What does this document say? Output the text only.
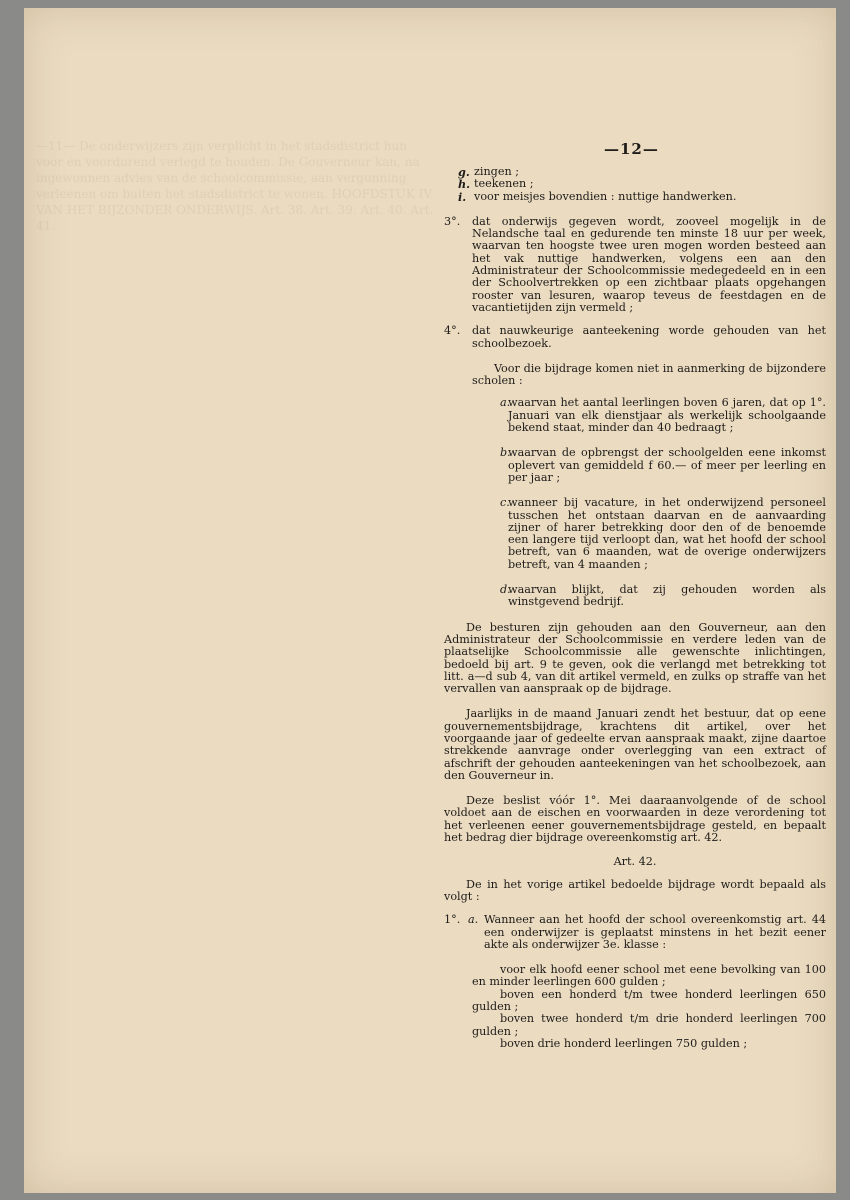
—11— De onderwijzers zijn verplicht in het stadsdistrict hun voor en voordurend verlegd te houden. De Gouverneur kan, na ingewonnen advies van de schoolcommissie, aan vergunning verleenen om buiten het stadsdistrict te wonen. HOOFDSTUK IV. VAN HET BIJZONDER ONDERWIJS. Art. 38. Art. 39. Art. 40. Art. 41.
—12—
g. zingen ;
h. teekenen ;
i. voor meisjes bovendien : nuttige handwerken.
3°. dat onderwijs gegeven wordt, zooveel mogelijk in de Nelandsche taal en gedurende ten minste 18 uur per week, waarvan ten hoogste twee uren mogen worden besteed aan het vak nuttige handwerken, volgens een aan den Administrateur der Schoolcommissie medegedeeld en in een der Schoolvertrekken op een zichtbaar plaats opgehangen rooster van lesuren, waarop teveus de feestdagen en de vacantietijden zijn vermeld ;

4°. dat nauwkeurige aanteekening worde gehouden van het schoolbezoek.

Voor die bijdrage komen niet in aanmerking de bijzondere scholen :

a.

waarvan het aantal leerlingen boven 6 jaren, dat op 1°. Januari van elk dienstjaar als werkelijk schoolgaande bekend staat, minder dan 40 bedraagt ;

b.

waarvan de opbrengst der schoolgelden eene inkomst oplevert van gemiddeld f 60.— of meer per leerling en per jaar ;

c.

wanneer bij vacature, in het onderwijzend personeel tusschen het ontstaan daarvan en de aanvaarding zijner of harer betrekking door den of de benoemde een langere tijd verloopt dan, wat het hoofd der school betreft, van 6 maanden, wat de overige onderwijzers betreft, van 4 maanden ;

d.

waarvan blijkt, dat zij gehouden worden als winstgevend bedrijf.

De besturen zijn gehouden aan den Gouverneur, aan den Administrateur der Schoolcommissie en verdere leden van de plaatselijke Schoolcommissie alle gewenschte inlichtingen, bedoeld bij art. 9 te geven, ook die verlangd met betrekking tot litt. a—d sub 4, van dit artikel vermeld, en zulks op straffe van het vervallen van aanspraak op de bijdrage.

Jaarlijks in de maand Januari zendt het bestuur, dat op eene gouvernementsbijdrage, krachtens dit artikel, over het voorgaande jaar of gedeelte ervan aanspraak maakt, zijne daartoe strekkende aanvrage onder overlegging van een extract of afschrift der gehouden aanteekeningen van het schoolbezoek, aan den Gouverneur in.

Deze beslist vóór 1°. Mei daaraanvolgende of de school voldoet aan de eischen en voorwaarden in deze verordening tot het verleenen eener gouvernementsbijdrage gesteld, en bepaalt het bedrag dier bijdrage overeenkomstig art. 42.

Art. 42.

De in het vorige artikel bedoelde bijdrage wordt bepaald als volgt :

1°. a. Wanneer aan het hoofd der school overeenkomstig art. 44 een onderwijzer is geplaatst minstens in het bezit eener akte als onderwijzer 3e. klasse :

voor elk hoofd eener school met eene bevolking van 100 en minder leerlingen 600 gulden ;

boven een honderd t/m twee honderd leerlingen 650 gulden ;

boven twee honderd t/m drie honderd leerlingen 700 gulden ;

boven drie honderd leerlingen 750 gulden ;
